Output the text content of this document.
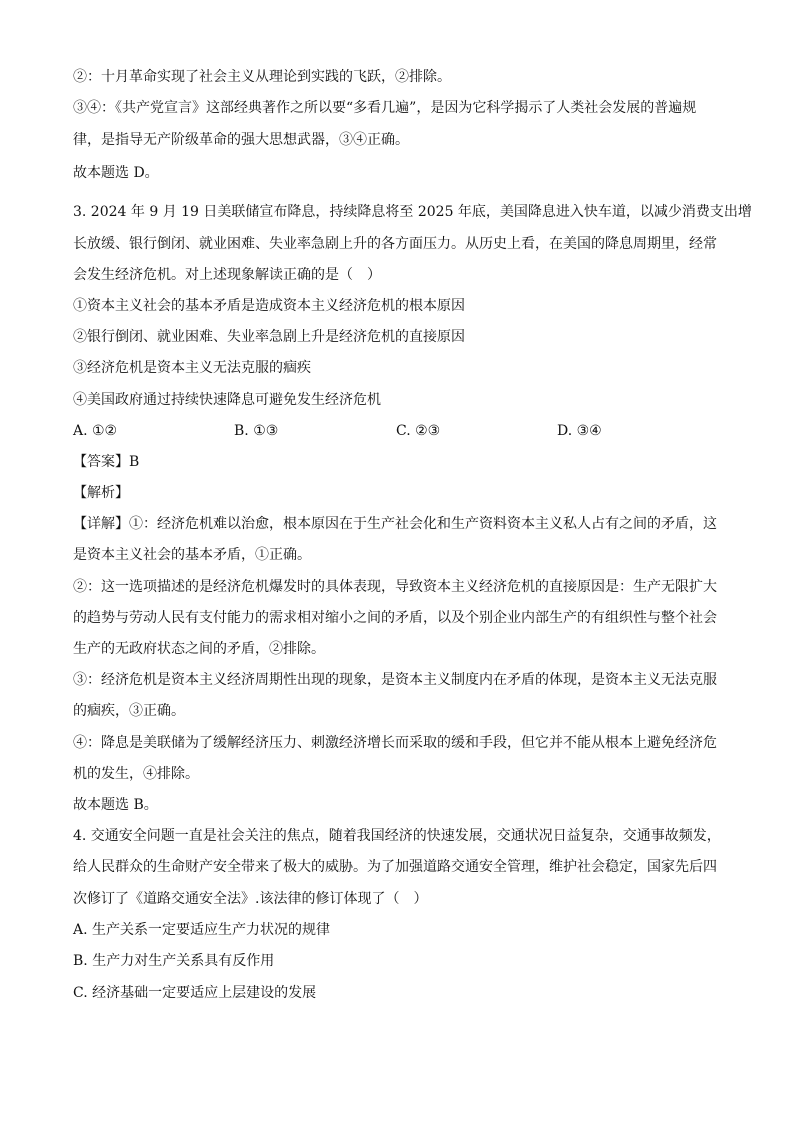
②：十月革命实现了社会主义从理论到实践的飞跃，②排除。
③④：《共产党宣言》这部经典著作之所以要“多看几遍”，是因为它科学揭示了人类社会发展的普遍规
律，是指导无产阶级革命的强大思想武器，③④正确。
故本题选 D。
3. 2024 年 9 月 19 日美联储宣布降息，持续降息将至 2025 年底，美国降息进入快车道，以减少消费支出增
长放缓、银行倒闭、就业困难、失业率急剧上升的各方面压力。从历史上看，在美国的降息周期里，经常
会发生经济危机。对上述现象解读正确的是（　）
①资本主义社会的基本矛盾是造成资本主义经济危机的根本原因
②银行倒闭、就业困难、失业率急剧上升是经济危机的直接原因
③经济危机是资本主义无法克服的痼疾
④美国政府通过持续快速降息可避免发生经济危机
A. ①②	B. ①③	C. ②③	D. ③④
【答案】B
【解析】
【详解】①：经济危机难以治愈，根本原因在于生产社会化和生产资料资本主义私人占有之间的矛盾，这
是资本主义社会的基本矛盾，①正确。
②：这一选项描述的是经济危机爆发时的具体表现，导致资本主义经济危机的直接原因是：生产无限扩大
的趋势与劳动人民有支付能力的需求相对缩小之间的矛盾，以及个别企业内部生产的有组织性与整个社会
生产的无政府状态之间的矛盾，②排除。
③：经济危机是资本主义经济周期性出现的现象，是资本主义制度内在矛盾的体现，是资本主义无法克服
的痼疾，③正确。
④：降息是美联储为了缓解经济压力、刺激经济增长而采取的缓和手段，但它并不能从根本上避免经济危
机的发生，④排除。
故本题选 B。
4. 交通安全问题一直是社会关注的焦点，随着我国经济的快速发展，交通状况日益复杂，交通事故频发，
给人民群众的生命财产安全带来了极大的威胁。为了加强道路交通安全管理，维护社会稳定，国家先后四
次修订了《道路交通安全法》.该法律的修订体现了（　）
A. 生产关系一定要适应生产力状况的规律
B. 生产力对生产关系具有反作用
C. 经济基础一定要适应上层建设的发展
